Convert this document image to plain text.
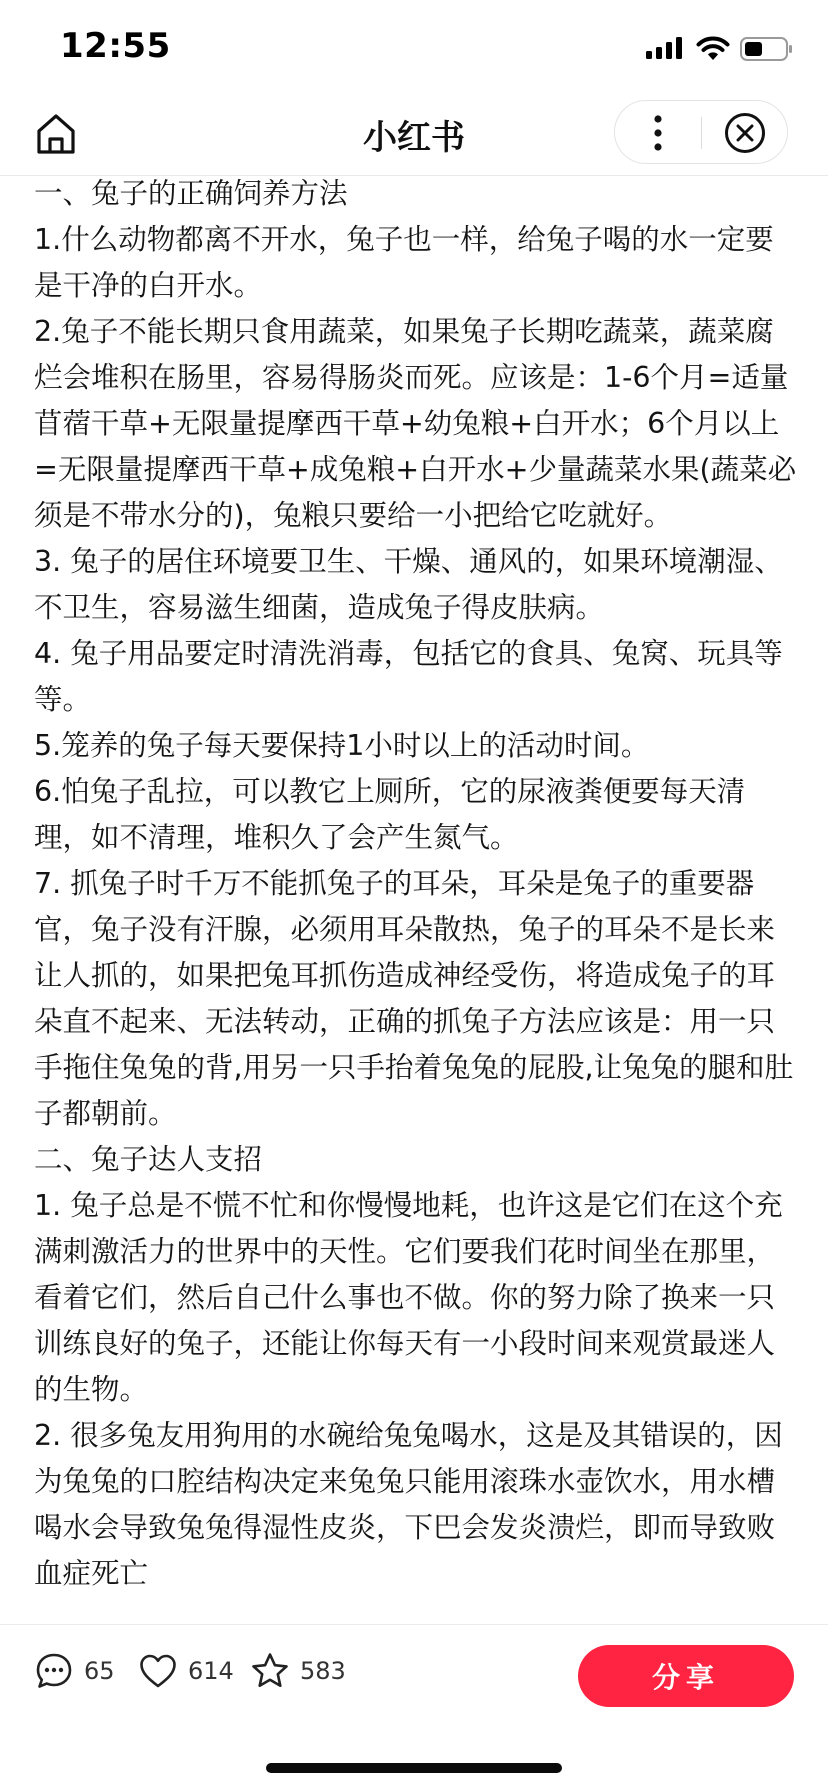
12:55
小红书

一、兔子的正确饲养方法

1.什么动物都离不开水，兔子也一样，给兔子喝的水一定要是干净的白开水。

2.兔子不能长期只食用蔬菜，如果兔子长期吃蔬菜，蔬菜腐烂会堆积在肠里，容易得肠炎而死。应该是：1-6个月=适量苜蓿干草+无限量提摩西干草+幼兔粮+白开水；6个月以上=无限量提摩西干草+成兔粮+白开水+少量蔬菜水果(蔬菜必须是不带水分的)，兔粮只要给一小把给它吃就好。

3. 兔子的居住环境要卫生、干燥、通风的，如果环境潮湿、不卫生，容易滋生细菌，造成兔子得皮肤病。

4. 兔子用品要定时清洗消毒，包括它的食具、兔窝、玩具等等。

5.笼养的兔子每天要保持1小时以上的活动时间。

6.怕兔子乱拉，可以教它上厕所，它的尿液粪便要每天清理，如不清理，堆积久了会产生氮气。

7. 抓兔子时千万不能抓兔子的耳朵，耳朵是兔子的重要器官，兔子没有汗腺，必须用耳朵散热，兔子的耳朵不是长来让人抓的，如果把兔耳抓伤造成神经受伤，将造成兔子的耳朵直不起来、无法转动，正确的抓兔子方法应该是：用一只手拖住兔兔的背,用另一只手抬着兔兔的屁股,让兔兔的腿和肚子都朝前。

二、兔子达人支招

1. 兔子总是不慌不忙和你慢慢地耗，也许这是它们在这个充满刺激活力的世界中的天性。它们要我们花时间坐在那里，看着它们，然后自己什么事也不做。你的努力除了换来一只训练良好的兔子，还能让你每天有一小段时间来观赏最迷人的生物。

2. 很多兔友用狗用的水碗给兔兔喝水，这是及其错误的，因为兔兔的口腔结构决定来兔兔只能用滚珠水壶饮水，用水槽喝水会导致兔兔得湿性皮炎，下巴会发炎溃烂，即而导致败血症死亡

65	614	583	分享
